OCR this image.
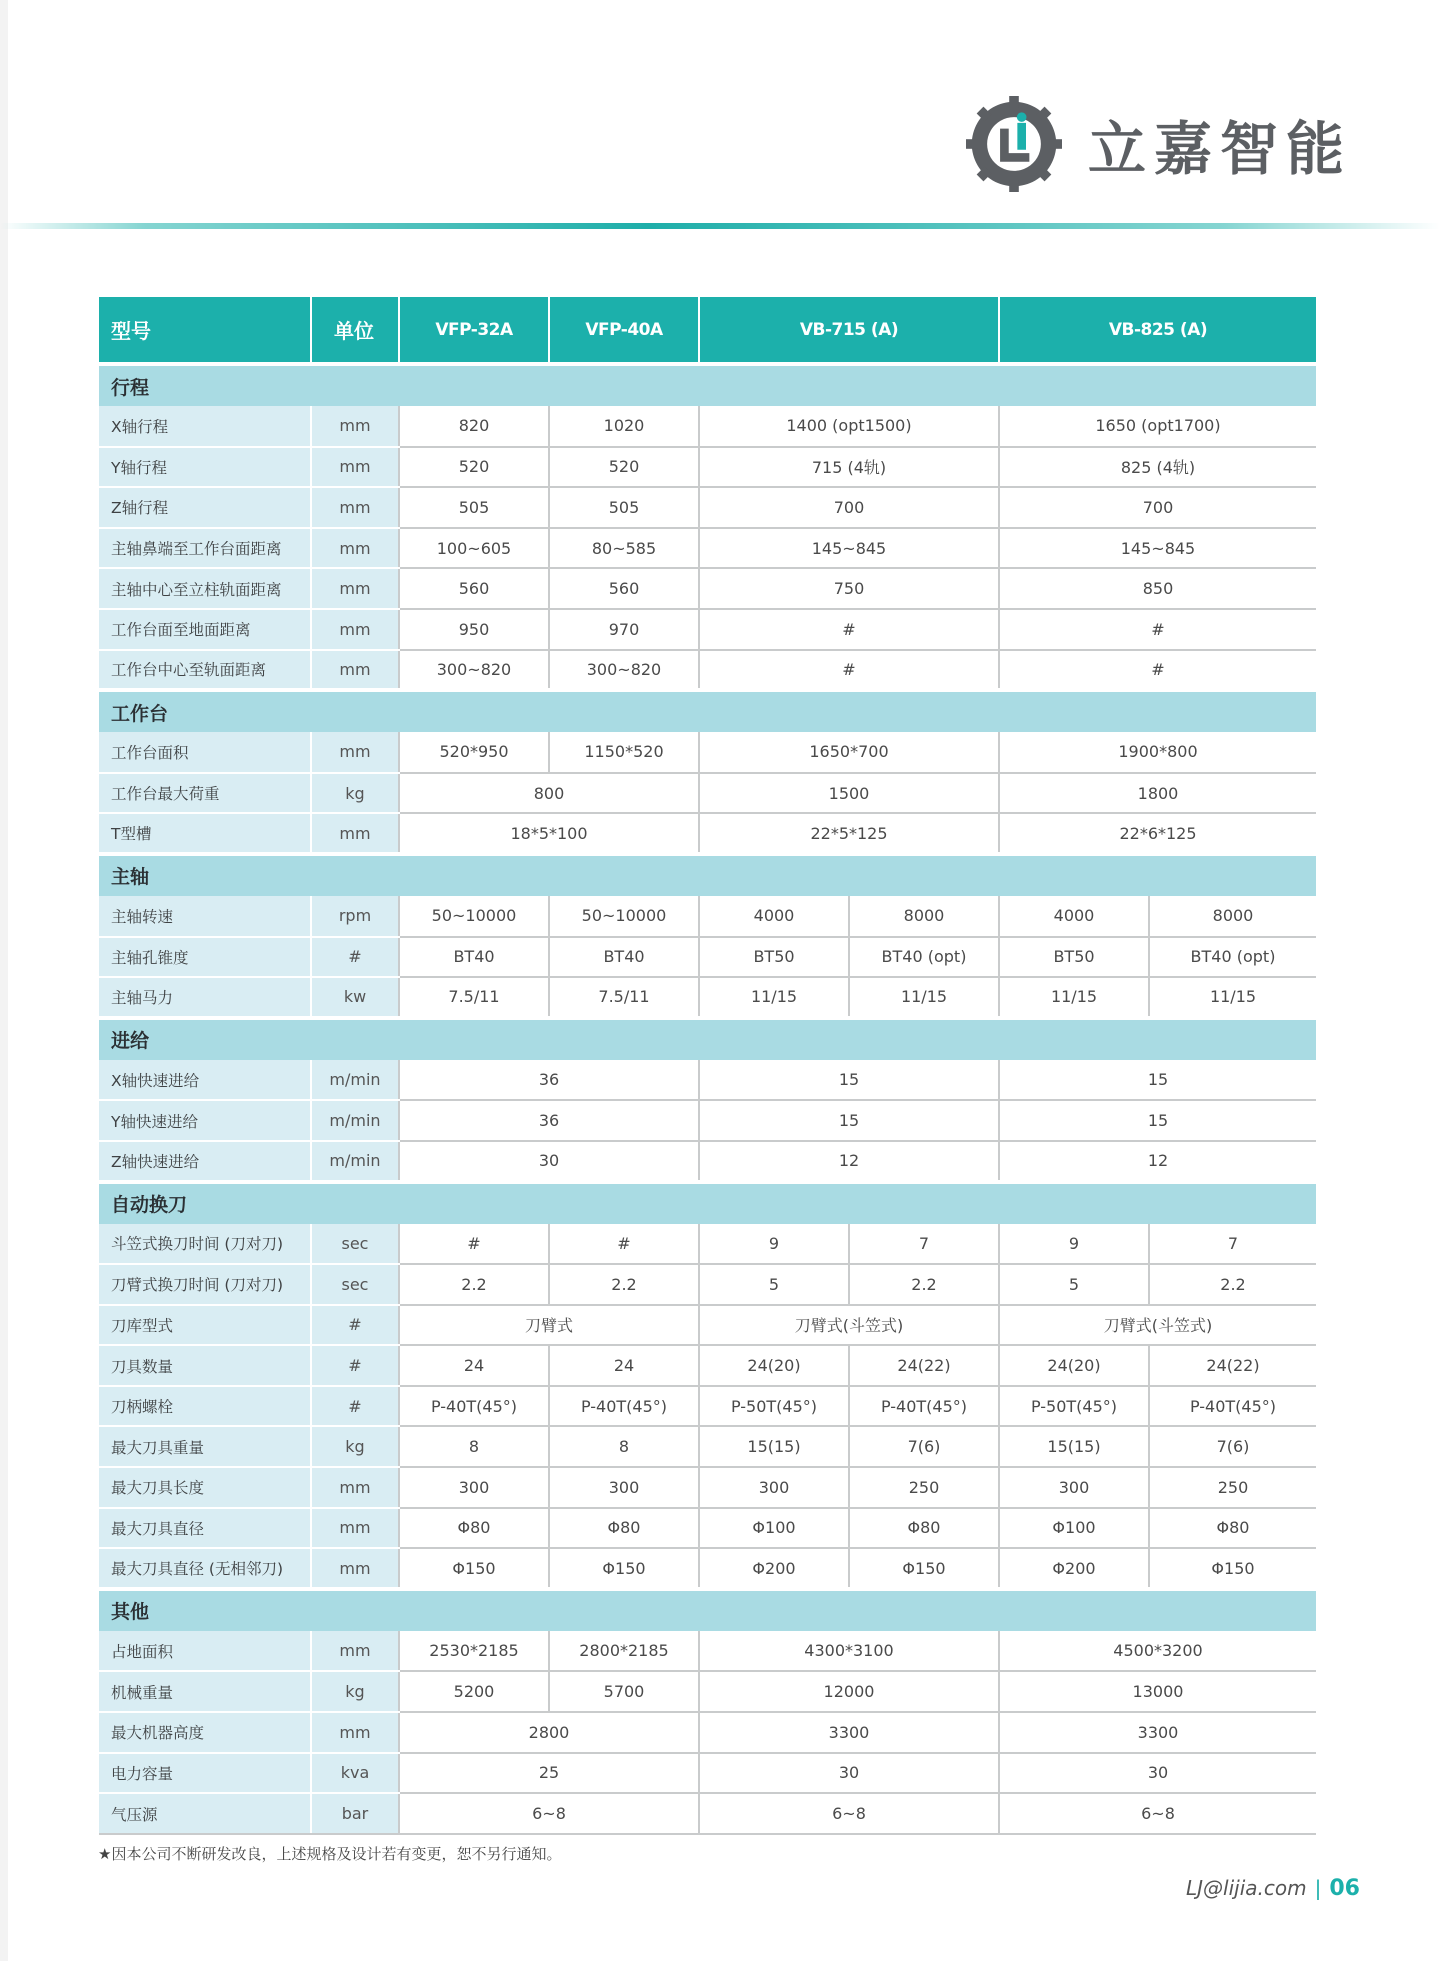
立嘉智能
型号	单位	VFP-32A	VFP-40A	VB-715 (A)		VB-825 (A)	
行程							
X轴行程	mm	820	1020	1400 (opt1500)		1650 (opt1700)	
Y轴行程	mm	520	520	715 (4轨)		825 (4轨)	
Z轴行程	mm	505	505	700		700	
主轴鼻端至工作台面距离	mm	100~605	80~585	145~845		145~845	
主轴中心至立柱轨面距离	mm	560	560	750		850	
工作台面至地面距离	mm	950	970	#		#	
工作台中心至轨面距离	mm	300~820	300~820	#		#	
工作台							
工作台面积	mm	520*950	1150*520	1650*700		1900*800	
工作台最大荷重	kg	800		1500		1800	
T型槽	mm	18*5*100		22*5*125		22*6*125	
主轴							
主轴转速	rpm	50~10000	50~10000	4000	8000	4000	8000
主轴孔锥度	#	BT40	BT40	BT50	BT40 (opt)	BT50	BT40 (opt)
主轴马力	kw	7.5/11	7.5/11	11/15	11/15	11/15	11/15
进给							
X轴快速进给	m/min	36		15		15	
Y轴快速进给	m/min	36		15		15	
Z轴快速进给	m/min	30		12		12	
自动换刀							
斗笠式换刀时间 (刀对刀)	sec	#	#	9	7	9	7
刀臂式换刀时间 (刀对刀)	sec	2.2	2.2	5	2.2	5	2.2
刀库型式	#	刀臂式		刀臂式(斗笠式)		刀臂式(斗笠式)	
刀具数量	#	24	24	24(20)	24(22)	24(20)	24(22)
刀柄螺栓	#	P-40T(45°)	P-40T(45°)	P-50T(45°)	P-40T(45°)	P-50T(45°)	P-40T(45°)
最大刀具重量	kg	8	8	15(15)	7(6)	15(15)	7(6)
最大刀具长度	mm	300	300	300	250	300	250
最大刀具直径	mm	Φ80	Φ80	Φ100	Φ80	Φ100	Φ80
最大刀具直径 (无相邻刀)	mm	Φ150	Φ150	Φ200	Φ150	Φ200	Φ150
其他							
占地面积	mm	2530*2185	2800*2185	4300*3100		4500*3200	
机械重量	kg	5200	5700	12000		13000	
最大机器高度	mm	2800		3300		3300	
电力容量	kva	25		30		30	
气压源	bar	6~8		6~8		6~8	
★因本公司不断研发改良，上述规格及设计若有变更，恕不另行通知。
LJ@lijia.com | 06
